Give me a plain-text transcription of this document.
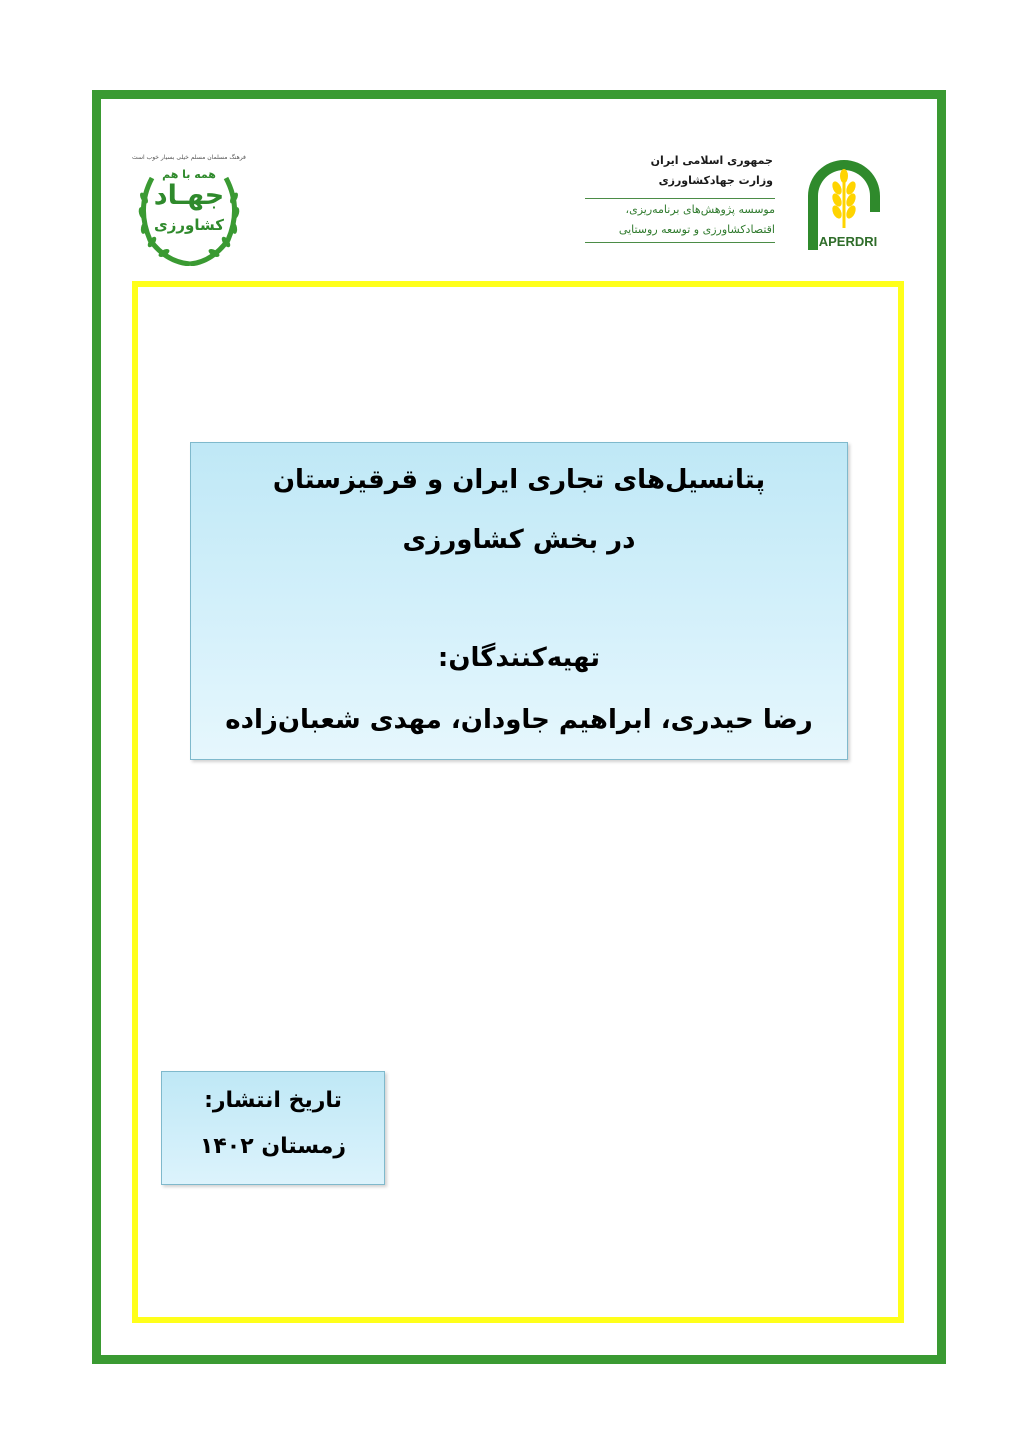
فرهنگ مسلمان مسلم خیلی بسیار خوب است
همه با هم
جهـاد
کشاورزی
جمهوری اسلامی ایران
وزارت جهادکشاورزی
موسسه پژوهش‌های برنامه‌ریزی،
اقتصادکشاورزی و توسعه روستایی
APERDRI
پتانسیل‌های تجاری ایران و قرقیزستان
در بخش کشاورزی
تهیه‌کنندگان:
رضا حیدری، ابراهیم جاودان، مهدی شعبان‌زاده
تاریخ انتشار:
زمستان ۱۴۰۲
